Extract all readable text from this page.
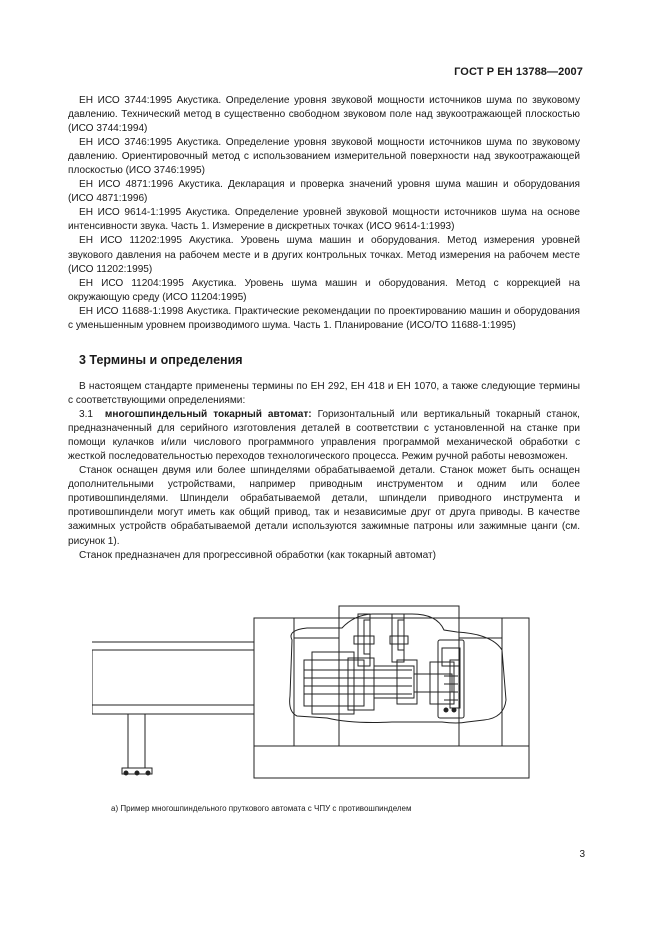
ГОСТ Р ЕН 13788—2007

ЕН ИСО 3744:1995 Акустика. Определение уровня звуковой мощности источников шума по звуковому давлению. Технический метод в существенно свободном звуковом поле над звукоотражающей плоскостью (ИСО 3744:1994)

ЕН ИСО 3746:1995 Акустика. Определение уровня звуковой мощности источников шума по звуковому давлению. Ориентировочный метод с использованием измерительной поверхности над звукоотражающей плоскостью (ИСО 3746:1995)

ЕН ИСО 4871:1996 Акустика. Декларация и проверка значений уровня шума машин и оборудования (ИСО 4871:1996)

ЕН ИСО 9614-1:1995 Акустика. Определение уровней звуковой мощности источников шума на основе интенсивности звука. Часть 1. Измерение в дискретных точках (ИСО 9614-1:1993)

ЕН ИСО 11202:1995 Акустика. Уровень шума машин и оборудования. Метод измерения уровней звукового давления на рабочем месте и в других контрольных точках. Метод измерения на рабочем месте (ИСО 11202:1995)

ЕН ИСО 11204:1995 Акустика. Уровень шума машин и оборудования. Метод с коррекцией на окружающую среду (ИСО 11204:1995)

ЕН ИСО 11688-1:1998 Акустика. Практические рекомендации по проектированию машин и оборудования с уменьшенным уровнем производимого шума. Часть 1. Планирование (ИСО/ТО 11688-1:1995)

3 Термины и определения

В настоящем стандарте применены термины по ЕН 292, ЕН 418 и ЕН 1070, а также следующие термины с соответствующими определениями:

3.1 многошпиндельный токарный автомат: Горизонтальный или вертикальный токарный станок, предназначенный для серийного изготовления деталей в соответствии с установленной на станке при помощи кулачков и/или числового программного управления программой механической обработки с жесткой последовательностью переходов технологического процесса. Режим ручной работы невозможен.

Станок оснащен двумя или более шпинделями обрабатываемой детали. Станок может быть оснащен дополнительными устройствами, например приводным инструментом и одним или более противошпинделями. Шпиндели обрабатываемой детали, шпиндели приводного инструмента и противошпиндели могут иметь как общий привод, так и независимые друг от друга приводы. В качестве зажимных устройств обрабатываемой детали используются зажимные патроны или зажимные цанги (см. рисунок 1).

Станок предназначен для прогрессивной обработки (как токарный автомат)

а) Пример многошпиндельного пруткового автомата с ЧПУ с противошпинделем
3
